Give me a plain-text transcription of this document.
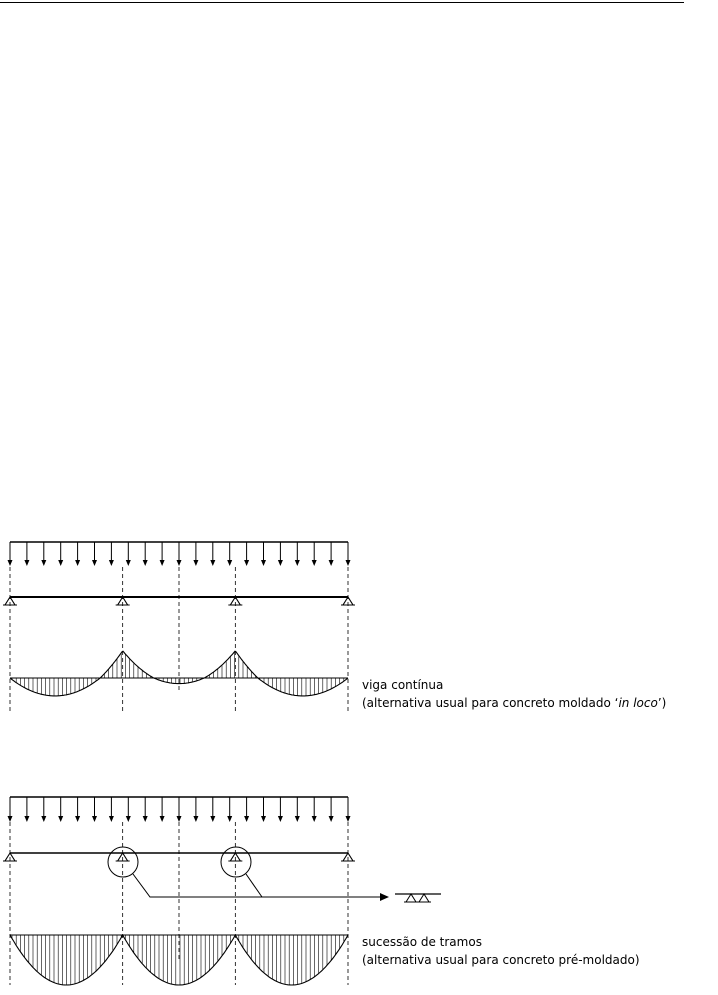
viga contínua
(alternativa usual para concreto moldado ‘in loco’)
sucessão de tramos
(alternativa usual para concreto pré-moldado)
